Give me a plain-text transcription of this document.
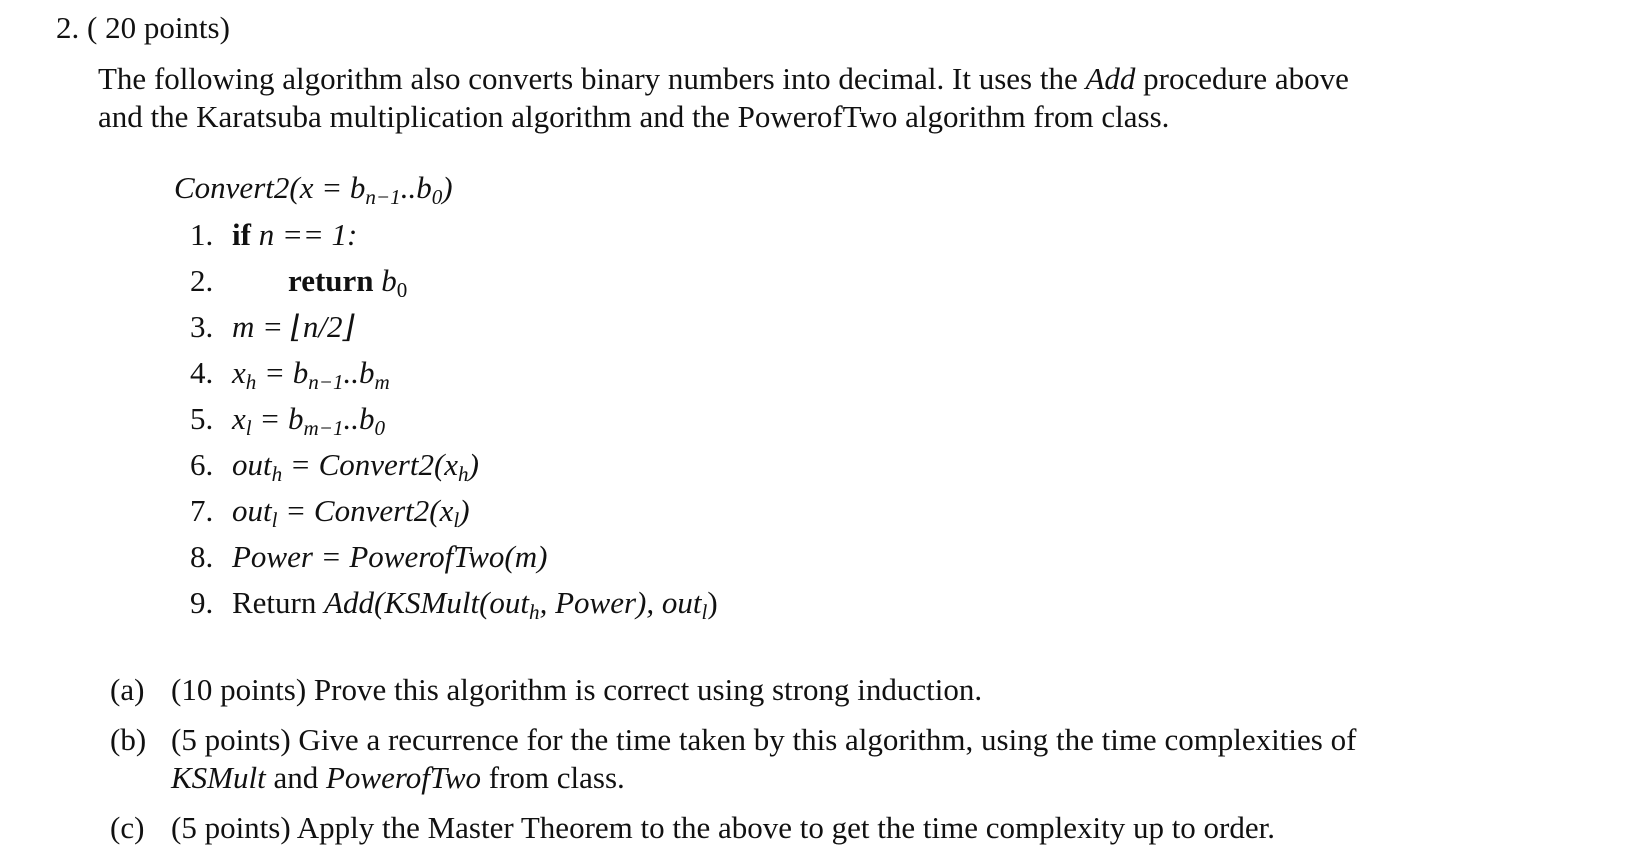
2. ( 20 points)
The following algorithm also converts binary numbers into decimal. It uses the Add procedure above
and the Karatsuba multiplication algorithm and the PowerofTwo algorithm from class.
Convert2(x = $b_{n-1}..b_0$)
1. if n == 1:
2. return $b_0$
3. m = ⌊n/2⌋
4. $x_h = b_{n-1}..b_m$
5. $x_l = b_{m-1}..b_0$
6. $out_h = Convert2(x_h)$
7. $out_l = Convert2(x_l)$
8. Power = PowerofTwo(m)
9. Return Add(KSMult(out$_h$, Power), out$_l$)
(a) (10 points) Prove this algorithm is correct using strong induction.
(b) (5 points) Give a recurrence for the time taken by this algorithm, using the time complexities of
KSMult and PowerofTwo from class.
(c) (5 points) Apply the Master Theorem to the above to get the time complexity up to order.
